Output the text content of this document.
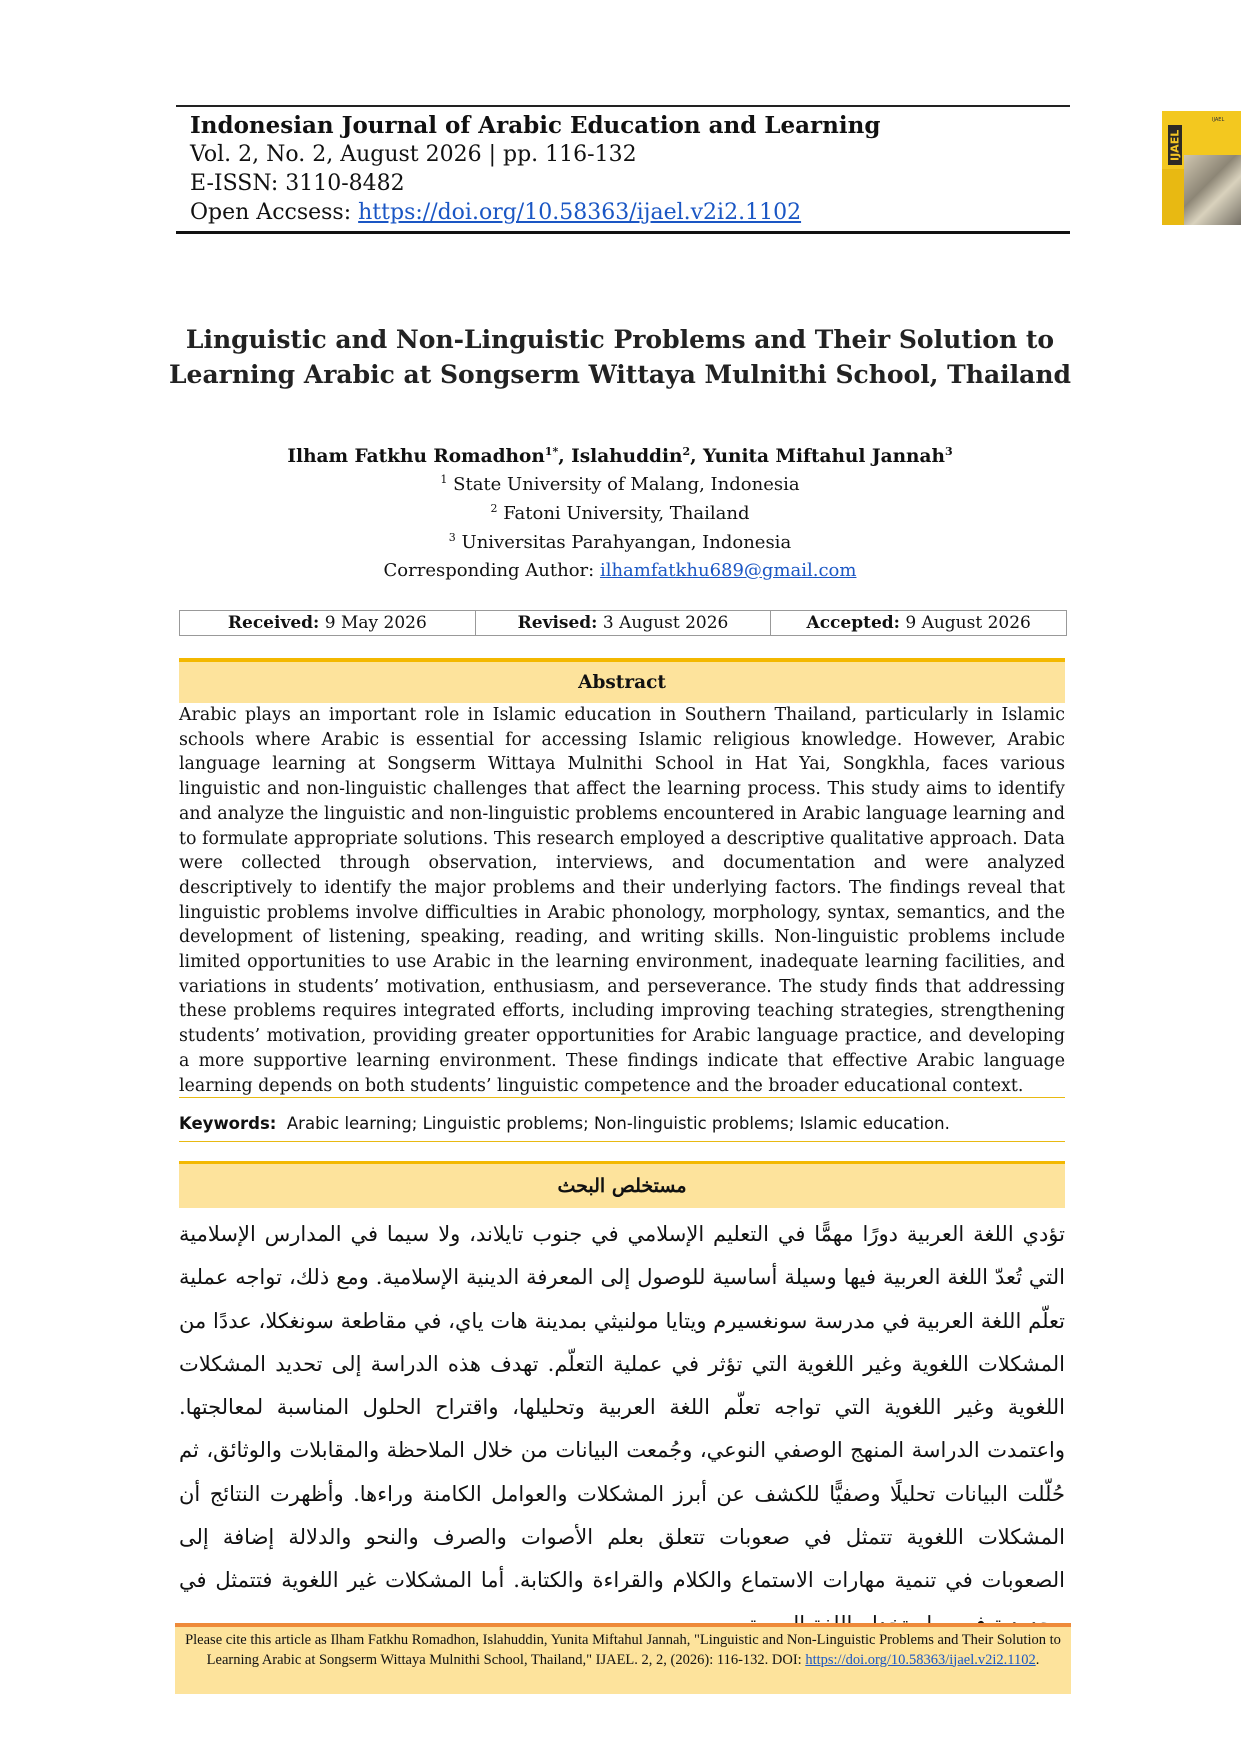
Indonesian Journal of Arabic Education and Learning
Vol. 2, No. 2, August 2026 | pp. 116-132
E-ISSN: 3110-8482
Open Accsess: https://doi.org/10.58363/ijael.v2i2.1102
IJAEL
IJAEL
Linguistic and Non-Linguistic Problems and Their Solution to
Learning Arabic at Songserm Wittaya Mulnithi School, Thailand
Ilham Fatkhu Romadhon$^{1*}$, Islahuddin$^2$, Yunita Miftahul Jannah$^3$
$^1$ State University of Malang, Indonesia
$^2$ Fatoni University, Thailand
$^3$ Universitas Parahyangan, Indonesia
Corresponding Author: ilhamfatkhu689@gmail.com
Received: 9 May 2026	Revised: 3 August 2026	Accepted: 9 August 2026
Abstract
Arabic plays an important role in Islamic education in Southern Thailand, particularly in Islamic schools where Arabic is essential for accessing Islamic religious knowledge. However, Arabic language learning at Songserm Wittaya Mulnithi School in Hat Yai, Songkhla, faces various linguistic and non-linguistic challenges that affect the learning process. This study aims to identify and analyze the linguistic and non-linguistic problems encountered in Arabic language learning and to formulate appropriate solutions. This research employed a descriptive qualitative approach. Data were collected through observation, interviews, and documentation and were analyzed descriptively to identify the major problems and their underlying factors. The findings reveal that linguistic problems involve difficulties in Arabic phonology, morphology, syntax, semantics, and the development of listening, speaking, reading, and writing skills. Non-linguistic problems include limited opportunities to use Arabic in the learning environment, inadequate learning facilities, and variations in students’ motivation, enthusiasm, and perseverance. The study finds that addressing these problems requires integrated efforts, including improving teaching strategies, strengthening students’ motivation, providing greater opportunities for Arabic language practice, and developing a more supportive learning environment. These findings indicate that effective Arabic language learning depends on both students’ linguistic competence and the broader educational context.
Keywords: Arabic learning; Linguistic problems; Non-linguistic problems; Islamic education.
مستخلص البحث
تؤدي اللغة العربية دورًا مهمًّا في التعليم الإسلامي في جنوب تايلاند، ولا سيما في المدارس الإسلامية التي تُعدّ اللغة العربية فيها وسيلة أساسية للوصول إلى المعرفة الدينية الإسلامية. ومع ذلك، تواجه عملية تعلّم اللغة العربية في مدرسة سونغسيرم ويتايا مولنيثي بمدينة هات ياي، في مقاطعة سونغكلا، عددًا من المشكلات اللغوية وغير اللغوية التي تؤثر في عملية التعلّم. تهدف هذه الدراسة إلى تحديد المشكلات اللغوية وغير اللغوية التي تواجه تعلّم اللغة العربية وتحليلها، واقتراح الحلول المناسبة لمعالجتها. واعتمدت الدراسة المنهج الوصفي النوعي، وجُمعت البيانات من خلال الملاحظة والمقابلات والوثائق، ثم حُلّلت البيانات تحليلًا وصفيًّا للكشف عن أبرز المشكلات والعوامل الكامنة وراءها. وأظهرت النتائج أن المشكلات اللغوية تتمثل في صعوبات تتعلق بعلم الأصوات والصرف والنحو والدلالة إضافة إلى الصعوبات في تنمية مهارات الاستماع والكلام والقراءة والكتابة. أما المشكلات غير اللغوية فتتمثل في
Please cite this article as Ilham Fatkhu Romadhon, Islahuddin, Yunita Miftahul Jannah, "Linguistic and Non-Linguistic Problems and Their Solution to Learning Arabic at Songserm Wittaya Mulnithi School, Thailand," IJAEL. 2, 2, (2026): 116-132. DOI: https://doi.org/10.58363/ijael.v2i2.1102.
